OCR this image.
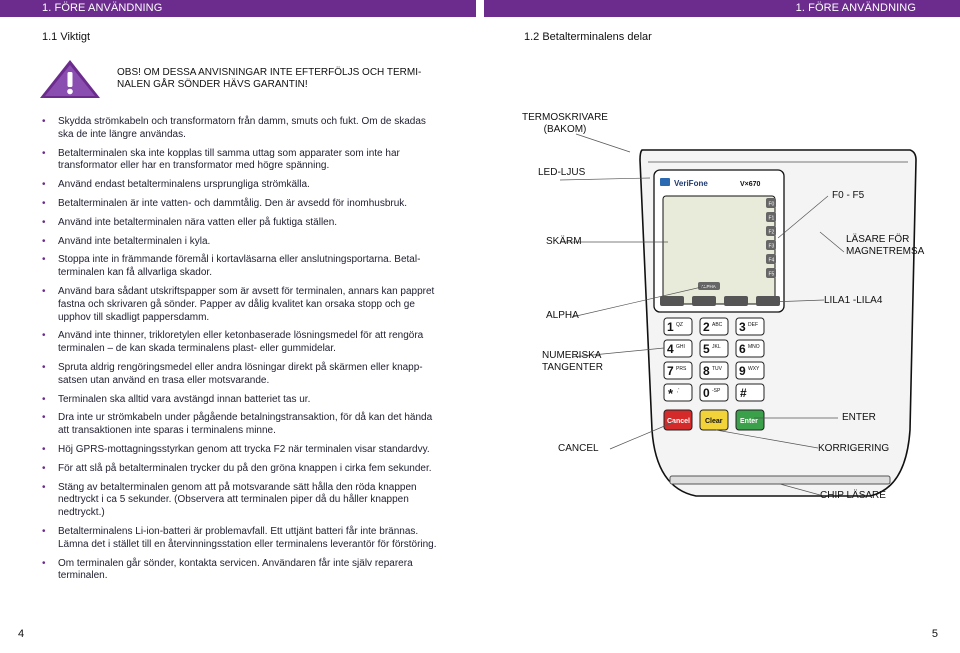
1. FÖRE ANVÄNDNING	1. FÖRE ANVÄNDNING
1.1 Viktigt
OBS! OM DESSA ANVISNINGAR INTE EFTERFÖLJS OCH TERMI-NALEN GÅR SÖNDER HÄVS GARANTIN!
• Skydda strömkabeln och transformatorn från damm, smuts och fukt. Om de skadas ska de inte längre användas.
• Betalterminalen ska inte kopplas till samma uttag som apparater som inte har transformator eller har en transformator med högre spänning.
• Använd endast betalterminalens ursprungliga strömkälla.
• Betalterminalen är inte vatten- och dammtålig. Den är avsedd för inomhusbruk.
• Använd inte betalterminalen nära vatten eller på fuktiga ställen.
• Använd inte betalterminalen i kyla.
• Stoppa inte in främmande föremål i kortavläsarna eller anslutningsportarna. Betal-terminalen kan få allvarliga skador.
• Använd bara sådant utskriftspapper som är avsett för terminalen, annars kan pappret fastna och skrivaren gå sönder. Papper av dålig kvalitet kan orsaka stopp och ge upphov till skadligt pappersdamm.
• Använd inte thinner, trikloretylen eller ketonbaserade lösningsmedel för att rengöra terminalen – de kan skada terminalens plast- eller gummidelar.
• Spruta aldrig rengöringsmedel eller andra lösningar direkt på skärmen eller knapp-satsen utan använd en trasa eller motsvarande.
• Terminalen ska alltid vara avstängd innan batteriet tas ur.
• Dra inte ur strömkabeln under pågående betalningstransaktion, för då kan det hända att transaktionen inte sparas i terminalens minne.
• Höj GPRS-mottagningsstyrkan genom att trycka F2 när terminalen visar standardvy.
• För att slå på betalterminalen trycker du på den gröna knappen i cirka fem sekunder.
• Stäng av betalterminalen genom att på motsvarande sätt hålla den röda knappen nedtryckt i ca 5 sekunder. (Observera att terminalen piper då du håller knappen nedtryckt.)
• Betalterminalens Li-ion-batteri är problemavfall. Ett uttjänt batteri får inte brännas. Lämna det i stället till en återvinningsstation eller terminalens leverantör för förstöring.
• Om terminalen går sönder, kontakta servicen. Användaren får inte själv reparera terminalen.
4
1.2 Betalterminalens delar
VeriFone	V×670
F0
F1
F2
F3
F4
F5
ALPHA
1 QZ 2 ABC 3 DEF
4 GHI 5 JKL 6 MNO
7 PRS 8 TUV 9 WXY
* ,' 0 -SP #
Cancel Clear Enter
TERMOSKRIVARE (BAKOM)
LED-LJUS
F0 - F5
SKÄRM	LÄSARE FÖR MAGNETREMSA
ALPHA
LILA1 -LILA4
NUMERISKA TANGENTER
ENTER
CANCEL	KORRIGERING
CHIP LÄSARE
5
